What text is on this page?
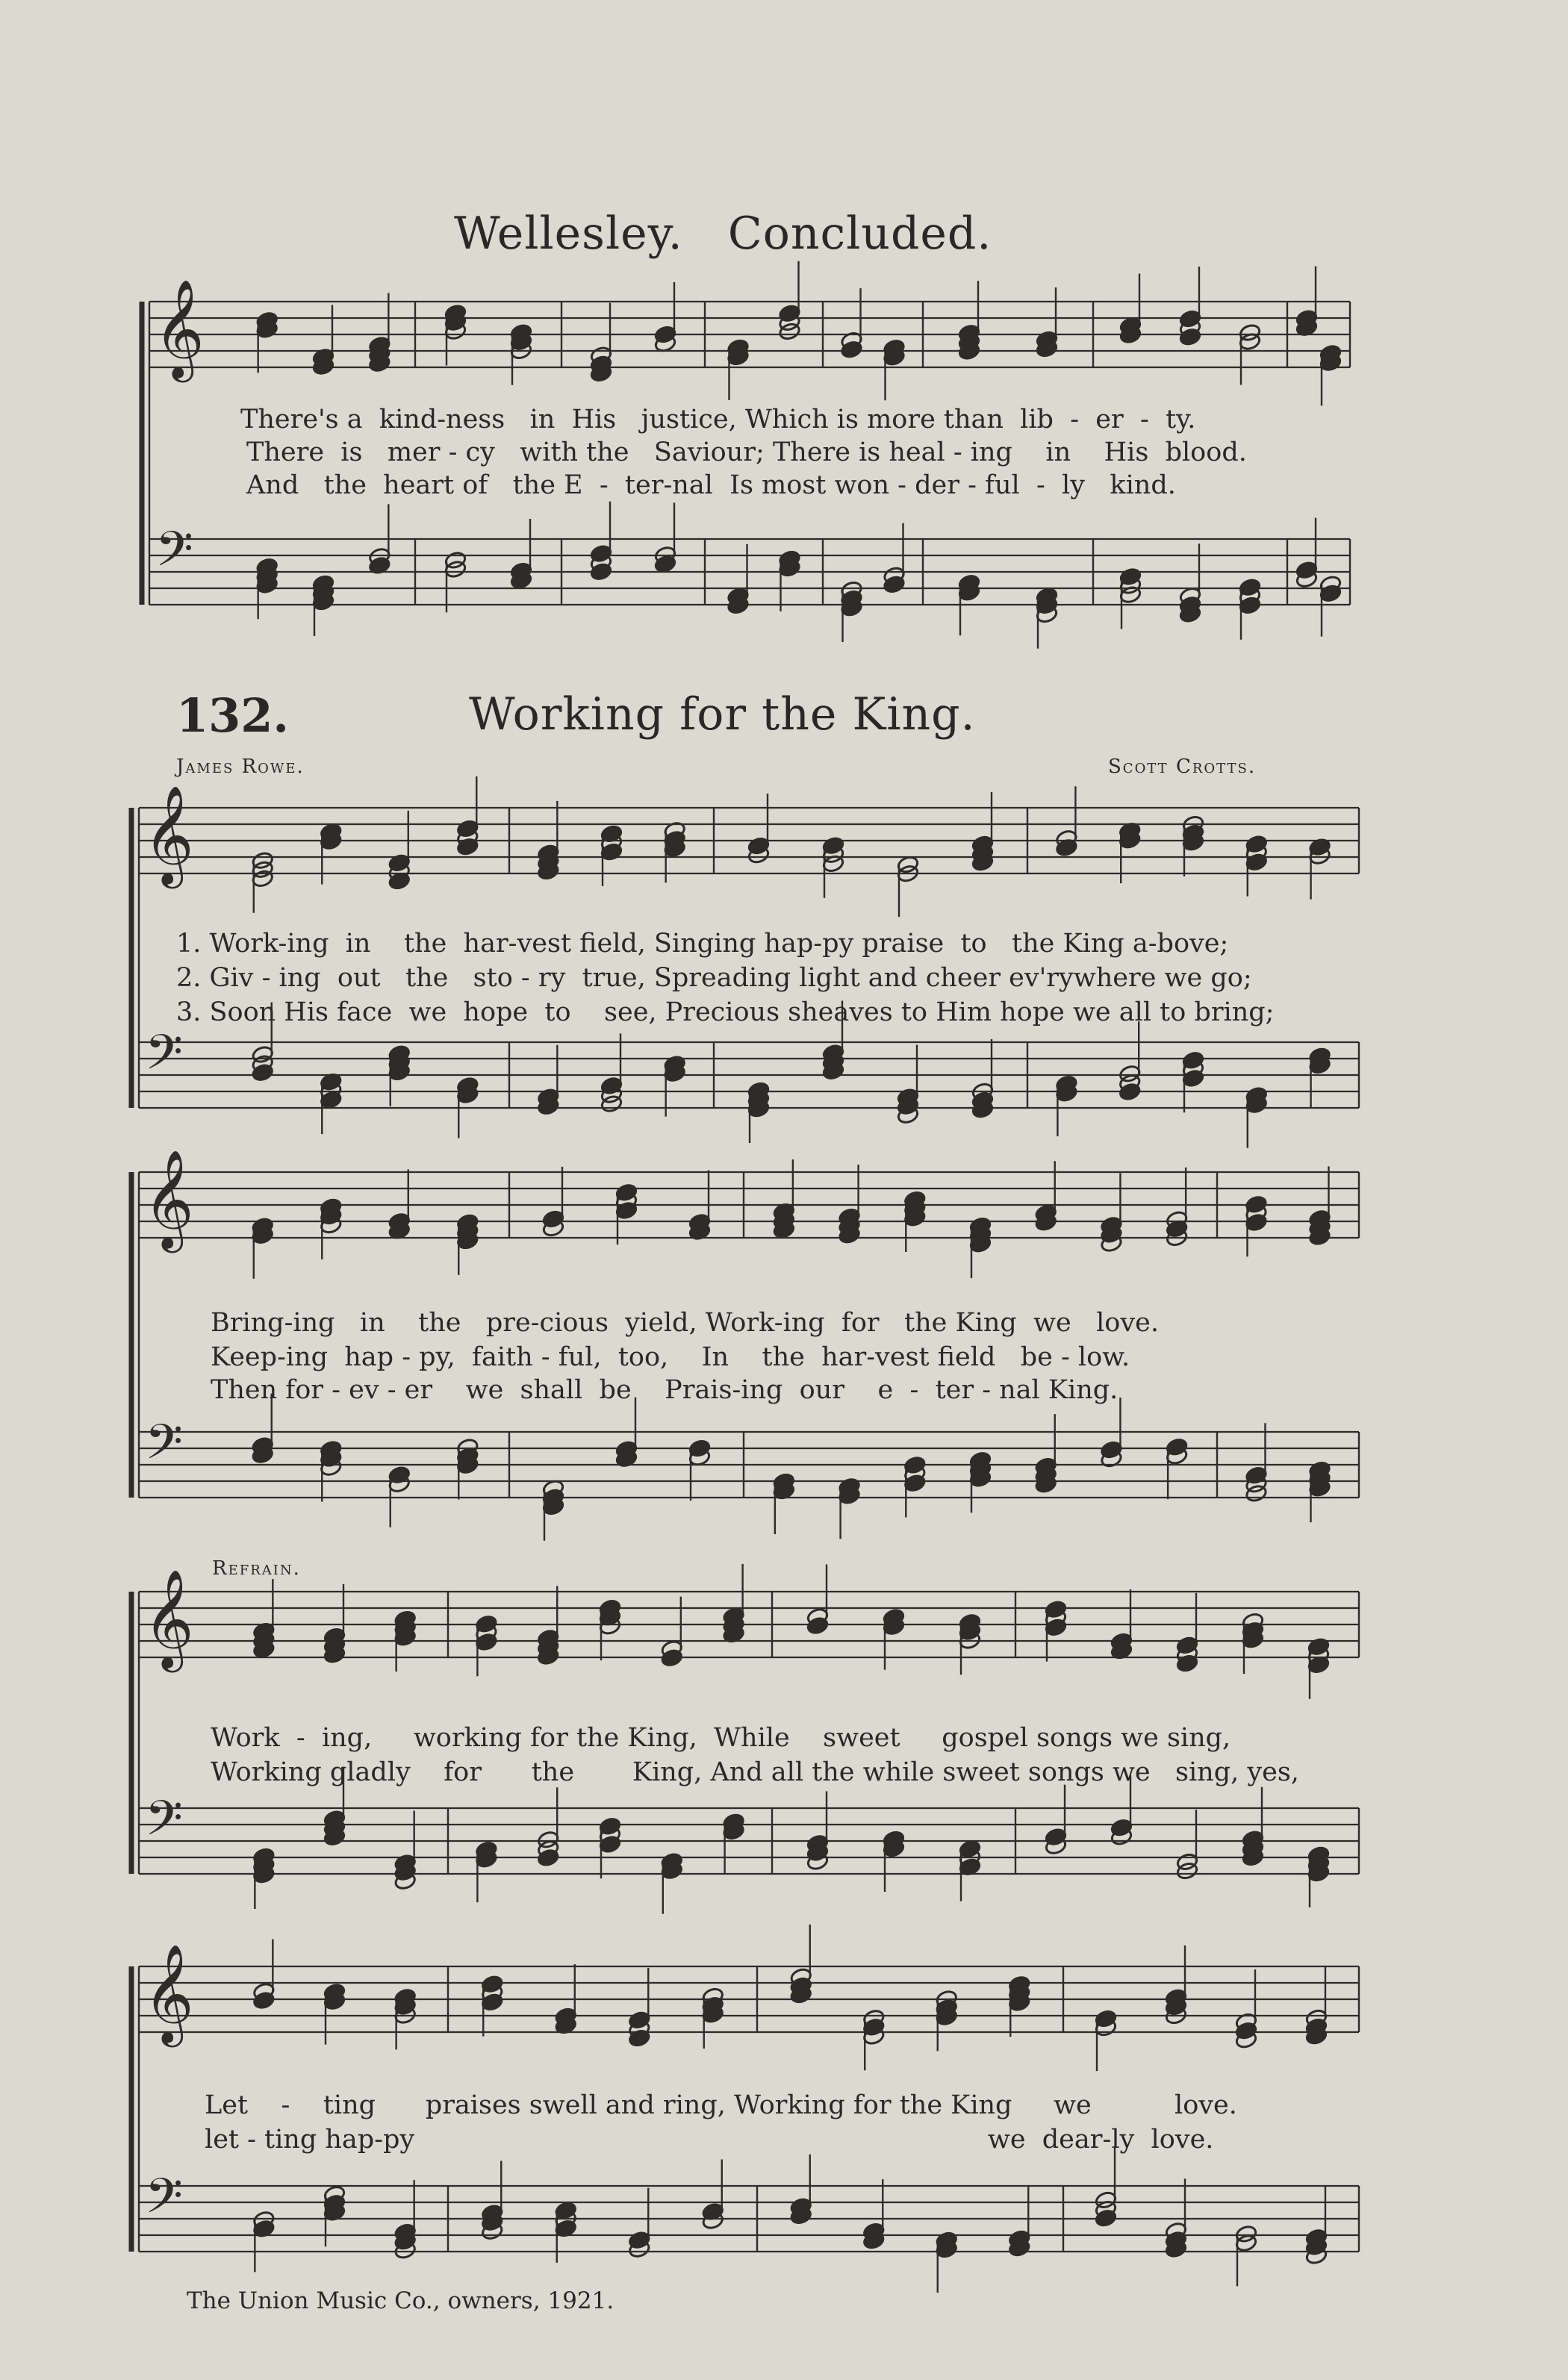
𝄞
𝄢
𝄞
𝄢
𝄞
𝄢
𝄞
𝄢
𝄞
𝄢
Wellesley.   Concluded.
There's a  kind-ness   in  His   justice, Which is more than  lib  -  er  -  ty.
There  is   mer - cy   with the   Saviour; There is heal - ing    in    His  blood.
And   the  heart of   the E  -  ter-nal  Is most won - der - ful  -  ly   kind.
132.	Working for the King.
James Rowe.	Scott Crotts.
1. Work-ing  in    the  har-vest field, Singing hap-py praise  to   the King a-bove;
2. Giv - ing  out   the   sto - ry  true, Spreading light and cheer ev'rywhere we go;
3. Soon His face  we  hope  to    see, Precious sheaves to Him hope we all to bring;
Bring-ing   in    the   pre-cious  yield, Work-ing  for   the King  we   love.
Keep-ing  hap - py,  faith - ful,  too,    In    the  har-vest field   be - low.
Then for - ev - er    we  shall  be    Prais-ing  our    e  -  ter - nal King.
Refrain.
Work  -  ing,     working for the King,  While    sweet     gospel songs we sing,
Working gladly    for      the       King, And all the while sweet songs we   sing, yes,
Let    -    ting      praises swell and ring, Working for the King     we          love.
let - ting hap-py                                                                     we  dear-ly  love.
The Union Music Co., owners, 1921.
